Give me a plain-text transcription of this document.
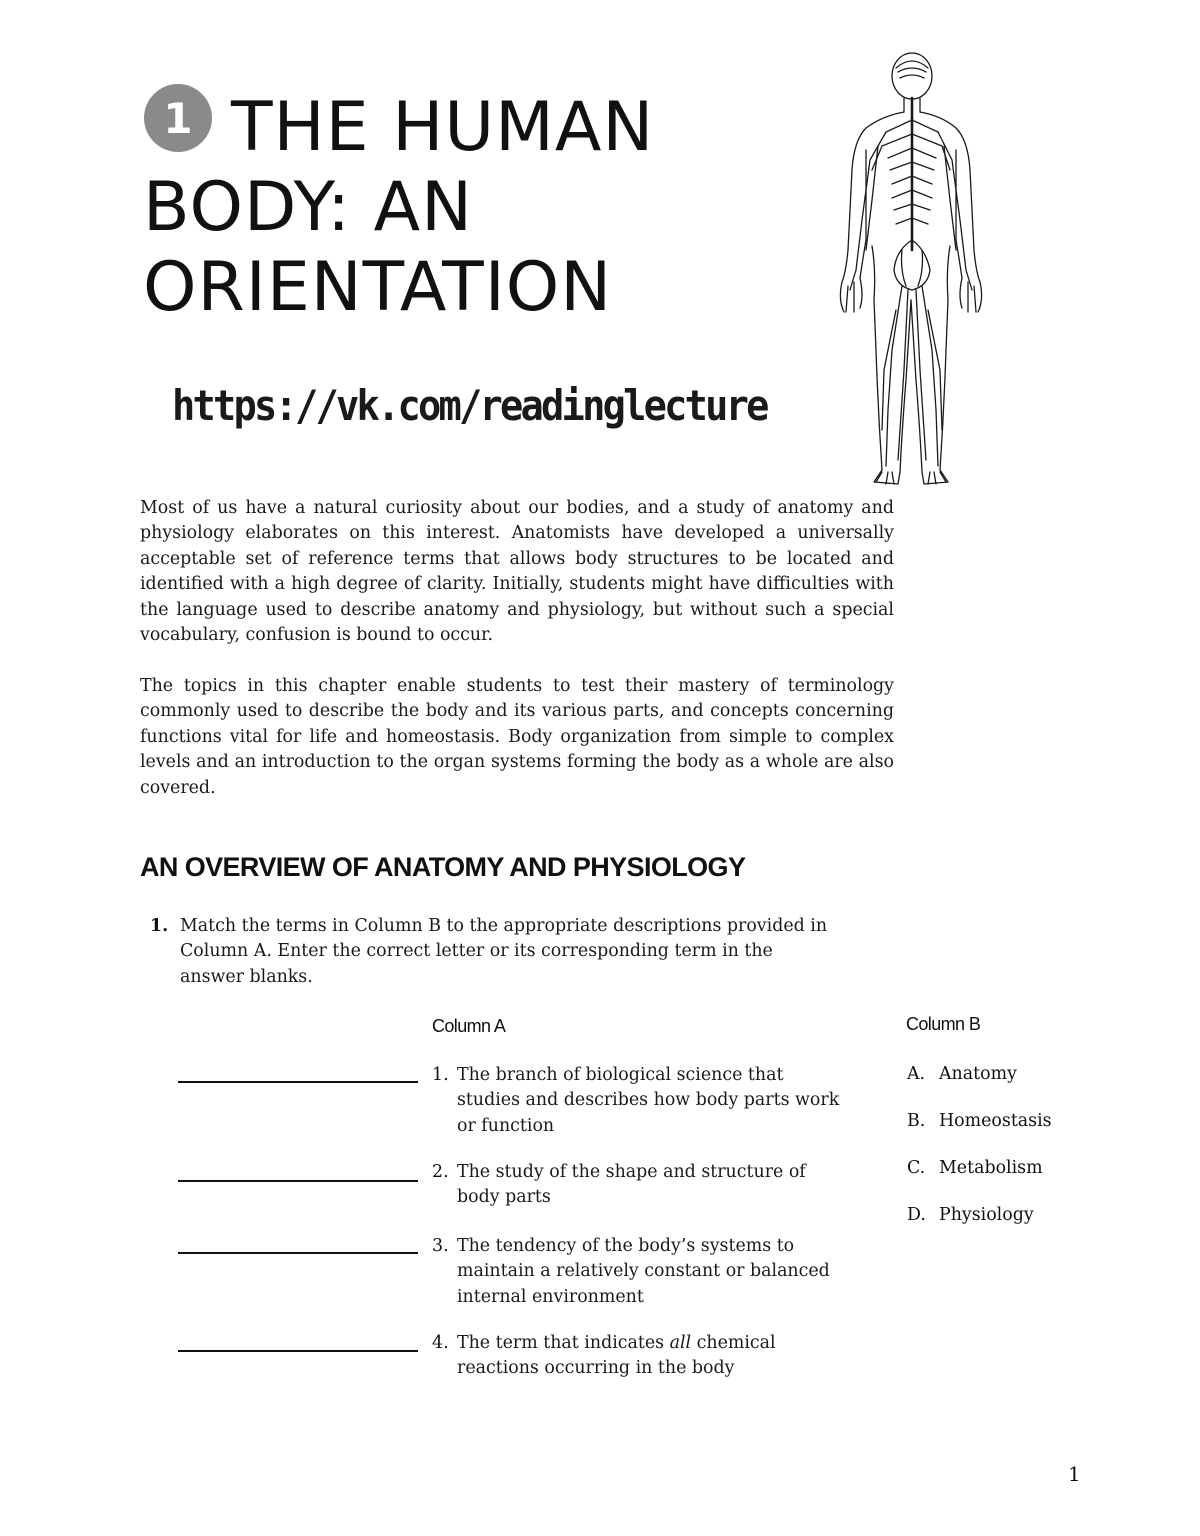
1 THE HUMAN
BODY: AN
ORIENTATION
https://vk.com/readinglecture

Most of us have a natural curiosity about our bodies, and a study of anatomy and physiology elaborates on this interest. Anatomists have developed a universally acceptable set of reference terms that allows body structures to be located and identified with a high degree of clarity. Initially, students might have difficulties with the language used to describe anatomy and physiology, but without such a special vocabulary, confusion is bound to occur.

The topics in this chapter enable students to test their mastery of terminology commonly used to describe the body and its various parts, and concepts concerning functions vital for life and homeostasis. Body organization from simple to complex levels and an introduction to the organ systems forming the body as a whole are also covered.

AN OVERVIEW OF ANATOMY AND PHYSIOLOGY
1. Match the terms in Column B to the appropriate descriptions provided in Column A. Enter the correct letter or its corresponding term in the answer blanks.

Column A	Column B
1. The branch of biological science that studies and describes how body parts work or function

2. The study of the shape and structure of body parts

3. The tendency of the body’s systems to maintain a relatively constant or balanced internal environment

4. The term that indicates all chemical reactions occurring in the body

A. Anatomy
B. Homeostasis
C. Metabolism
D. Physiology
1
